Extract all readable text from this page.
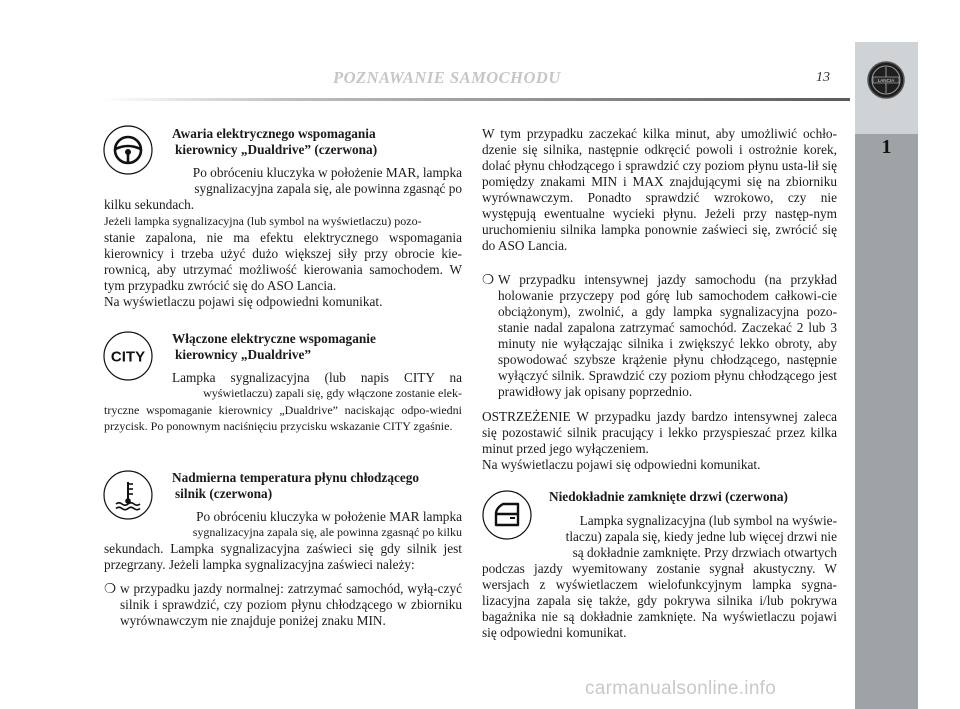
LANCIA
1
POZNAWANIE SAMOCHODU	13
Awaria elektrycznego wspomagania
kierownicy „Dualdrive” (czerwona)
Po obróceniu kluczyka w położenie MAR, lampka
sygnalizacyjna zapala się, ale powinna zgasnąć po
kilku sekundach.
Jeżeli lampka sygnalizacyjna (lub symbol na wyświetlaczu) pozo-
stanie zapalona, nie ma efektu elektrycznego wspomagania kierownicy i trzeba użyć dużo większej siły przy obrocie kie-rownicą, aby utrzymać możliwość kierowania samochodem. W tym przypadku zwrócić się do ASO Lancia.
Na wyświetlaczu pojawi się odpowiedni komunikat.
CITY
Włączone elektryczne wspomaganie
kierownicy „Dualdrive”
Lampka sygnalizacyjna (lub napis CITY na
wyświetlaczu) zapali się, gdy włączone zostanie elek-
tryczne wspomaganie kierownicy „Dualdrive” naciskając odpo-wiedni przycisk. Po ponownym naciśnięciu przycisku wskazanie CITY zgaśnie.
Nadmierna temperatura płynu chłodzącego
silnik (czerwona)
Po obróceniu kluczyka w położenie MAR lampka
sygnalizacyjna zapala się, ale powinna zgasnąć po kilku
sekundach. Lampka sygnalizacyjna zaświeci się gdy silnik jest przegrzany. Jeżeli lampka sygnalizacyjna zaświeci należy:
❍ w przypadku jazdy normalnej: zatrzymać samochód, wyłą-czyć silnik i sprawdzić, czy poziom płynu chłodzącego w zbiorniku wyrównawczym nie znajduje poniżej znaku MIN.
W tym przypadku zaczekać kilka minut, aby umożliwić ochło-dzenie się silnika, następnie odkręcić powoli i ostrożnie korek, dolać płynu chłodzącego i sprawdzić czy poziom płynu usta-lił się pomiędzy znakami MIN i MAX znajdującymi się na zbiorniku wyrównawczym. Ponadto sprawdzić wzrokowo, czy nie występują ewentualne wycieki płynu. Jeżeli przy następ-nym uruchomieniu silnika lampka ponownie zaświeci się, zwrócić się do ASO Lancia.
❍ W przypadku intensywnej jazdy samochodu (na przykład holowanie przyczepy pod górę lub samochodem całkowi-cie obciążonym), zwolnić, a gdy lampka sygnalizacyjna pozo-stanie nadal zapalona zatrzymać samochód. Zaczekać 2 lub 3 minuty nie wyłączając silnika i zwiększyć lekko obroty, aby spowodować szybsze krążenie płynu chłodzącego, następnie wyłączyć silnik. Sprawdzić czy poziom płynu chłodzącego jest prawidłowy jak opisany poprzednio.
OSTRZEŻENIE W przypadku jazdy bardzo intensywnej zaleca się pozostawić silnik pracujący i lekko przyspieszać przez kilka minut przed jego wyłączeniem.
Na wyświetlaczu pojawi się odpowiedni komunikat.
Niedokładnie zamknięte drzwi (czerwona)
Lampka sygnalizacyjna (lub symbol na wyświe-
tlaczu) zapala się, kiedy jedne lub więcej drzwi nie
są dokładnie zamknięte. Przy drzwiach otwartych
podczas jazdy wyemitowany zostanie sygnał akustyczny. W wersjach z wyświetlaczem wielofunkcyjnym lampka sygna-lizacyjna zapala się także, gdy pokrywa silnika i/lub pokrywa bagażnika nie są dokładnie zamknięte. Na wyświetlaczu pojawi się odpowiedni komunikat.
carmanualsonline.info
